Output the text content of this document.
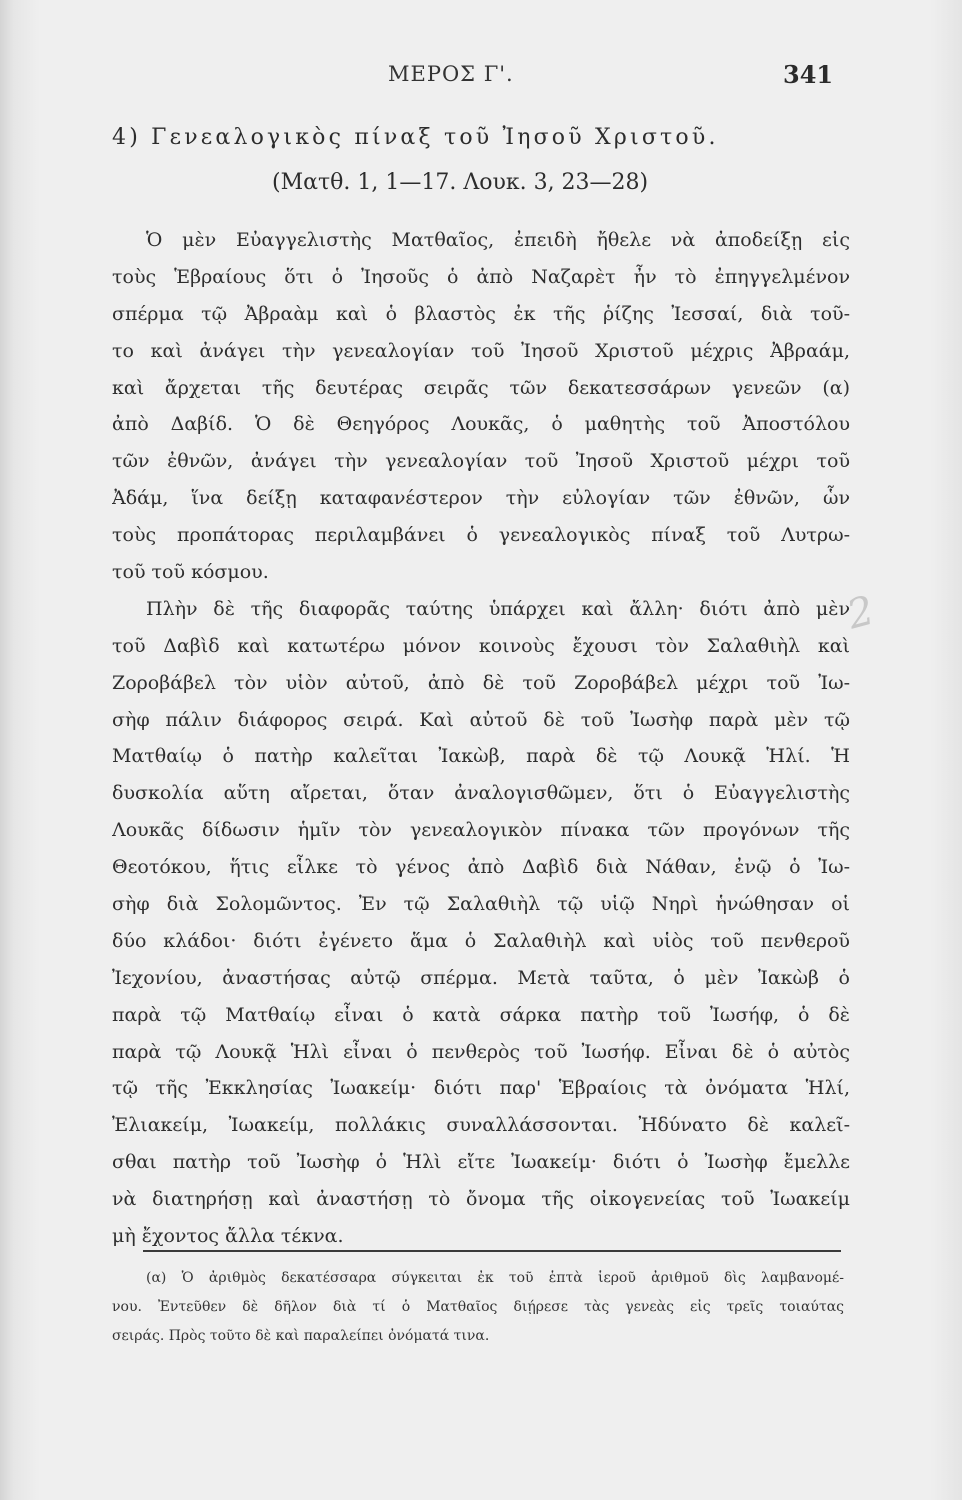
ΜΕΡΟΣ Γ'.	341
4) Γενεαλογικὸς πίναξ τοῦ Ἰησοῦ Χριστοῦ.
(Ματθ. 1, 1—17. Λουκ. 3, 23—28)
2
Ὁ μὲν Εὐαγγελιστὴς Ματθαῖος, ἐπειδὴ ἤθελε νὰ ἀποδείξῃ εἰς
τοὺς Ἑβραίους ὅτι ὁ Ἰησοῦς ὁ ἀπὸ Ναζαρὲτ ἦν τὸ ἐπηγγελμένον
σπέρμα τῷ Ἀβραὰμ καὶ ὁ βλαστὸς ἐκ τῆς ῥίζης Ἰεσσαί, διὰ τοῦ-
το καὶ ἀνάγει τὴν γενεαλογίαν τοῦ Ἰησοῦ Χριστοῦ μέχρις Ἀβραάμ,
καὶ ἄρχεται τῆς δευτέρας σειρᾶς τῶν δεκατεσσάρων γενεῶν (α)
ἀπὸ Δαβίδ. Ὁ δὲ Θεηγόρος Λουκᾶς, ὁ μαθητὴς τοῦ Ἀποστόλου
τῶν ἐθνῶν, ἀνάγει τὴν γενεαλογίαν τοῦ Ἰησοῦ Χριστοῦ μέχρι τοῦ
Ἀδάμ, ἵνα δείξῃ καταφανέστερον τὴν εὐλογίαν τῶν ἐθνῶν, ὧν
τοὺς προπάτορας περιλαμβάνει ὁ γενεαλογικὸς πίναξ τοῦ Λυτρω-
τοῦ τοῦ κόσμου.
Πλὴν δὲ τῆς διαφορᾶς ταύτης ὑπάρχει καὶ ἄλλη· διότι ἀπὸ μὲν
τοῦ Δαβὶδ καὶ κατωτέρω μόνον κοινοὺς ἔχουσι τὸν Σαλαθιὴλ καὶ
Ζοροβάβελ τὸν υἱὸν αὐτοῦ, ἀπὸ δὲ τοῦ Ζοροβάβελ μέχρι τοῦ Ἰω-
σὴφ πάλιν διάφορος σειρά. Καὶ αὐτοῦ δὲ τοῦ Ἰωσὴφ παρὰ μὲν τῷ
Ματθαίῳ ὁ πατὴρ καλεῖται Ἰακὼβ, παρὰ δὲ τῷ Λουκᾷ Ἡλί. Ἡ
δυσκολία αὕτη αἴρεται, ὅταν ἀναλογισθῶμεν, ὅτι ὁ Εὐαγγελιστὴς
Λουκᾶς δίδωσιν ἡμῖν τὸν γενεαλογικὸν πίνακα τῶν προγόνων τῆς
Θεοτόκου, ἥτις εἷλκε τὸ γένος ἀπὸ Δαβὶδ διὰ Νάθαν, ἐνῷ ὁ Ἰω-
σὴφ διὰ Σολομῶντος. Ἐν τῷ Σαλαθιὴλ τῷ υἱῷ Νηρὶ ἡνώθησαν οἱ
δύο κλάδοι· διότι ἐγένετο ἅμα ὁ Σαλαθιὴλ καὶ υἱὸς τοῦ πενθεροῦ
Ἰεχονίου, ἀναστήσας αὐτῷ σπέρμα. Μετὰ ταῦτα, ὁ μὲν Ἰακὼβ ὁ
παρὰ τῷ Ματθαίῳ εἶναι ὁ κατὰ σάρκα πατὴρ τοῦ Ἰωσήφ, ὁ δὲ
παρὰ τῷ Λουκᾷ Ἡλὶ εἶναι ὁ πενθερὸς τοῦ Ἰωσήφ. Εἶναι δὲ ὁ αὐτὸς
τῷ τῆς Ἐκκλησίας Ἰωακείμ· διότι παρ' Ἑβραίοις τὰ ὀνόματα Ἡλί,
Ἐλιακείμ, Ἰωακείμ, πολλάκις συναλλάσσονται. Ἠδύνατο δὲ καλεῖ-
σθαι πατὴρ τοῦ Ἰωσὴφ ὁ Ἡλὶ εἴτε Ἰωακείμ· διότι ὁ Ἰωσὴφ ἔμελλε
νὰ διατηρήσῃ καὶ ἀναστήσῃ τὸ ὄνομα τῆς οἰκογενείας τοῦ Ἰωακείμ
μὴ ἔχοντος ἄλλα τέκνα.
(α) Ὁ ἀριθμὸς δεκατέσσαρα σύγκειται ἐκ τοῦ ἑπτὰ ἱεροῦ ἀριθμοῦ δὶς λαμβανομέ-
νου. Ἐντεῦθεν δὲ δῆλον διὰ τί ὁ Ματθαῖος διῄρεσε τὰς γενεὰς εἰς τρεῖς τοιαύτας
σειράς. Πρὸς τοῦτο δὲ καὶ παραλείπει ὀνόματά τινα.
